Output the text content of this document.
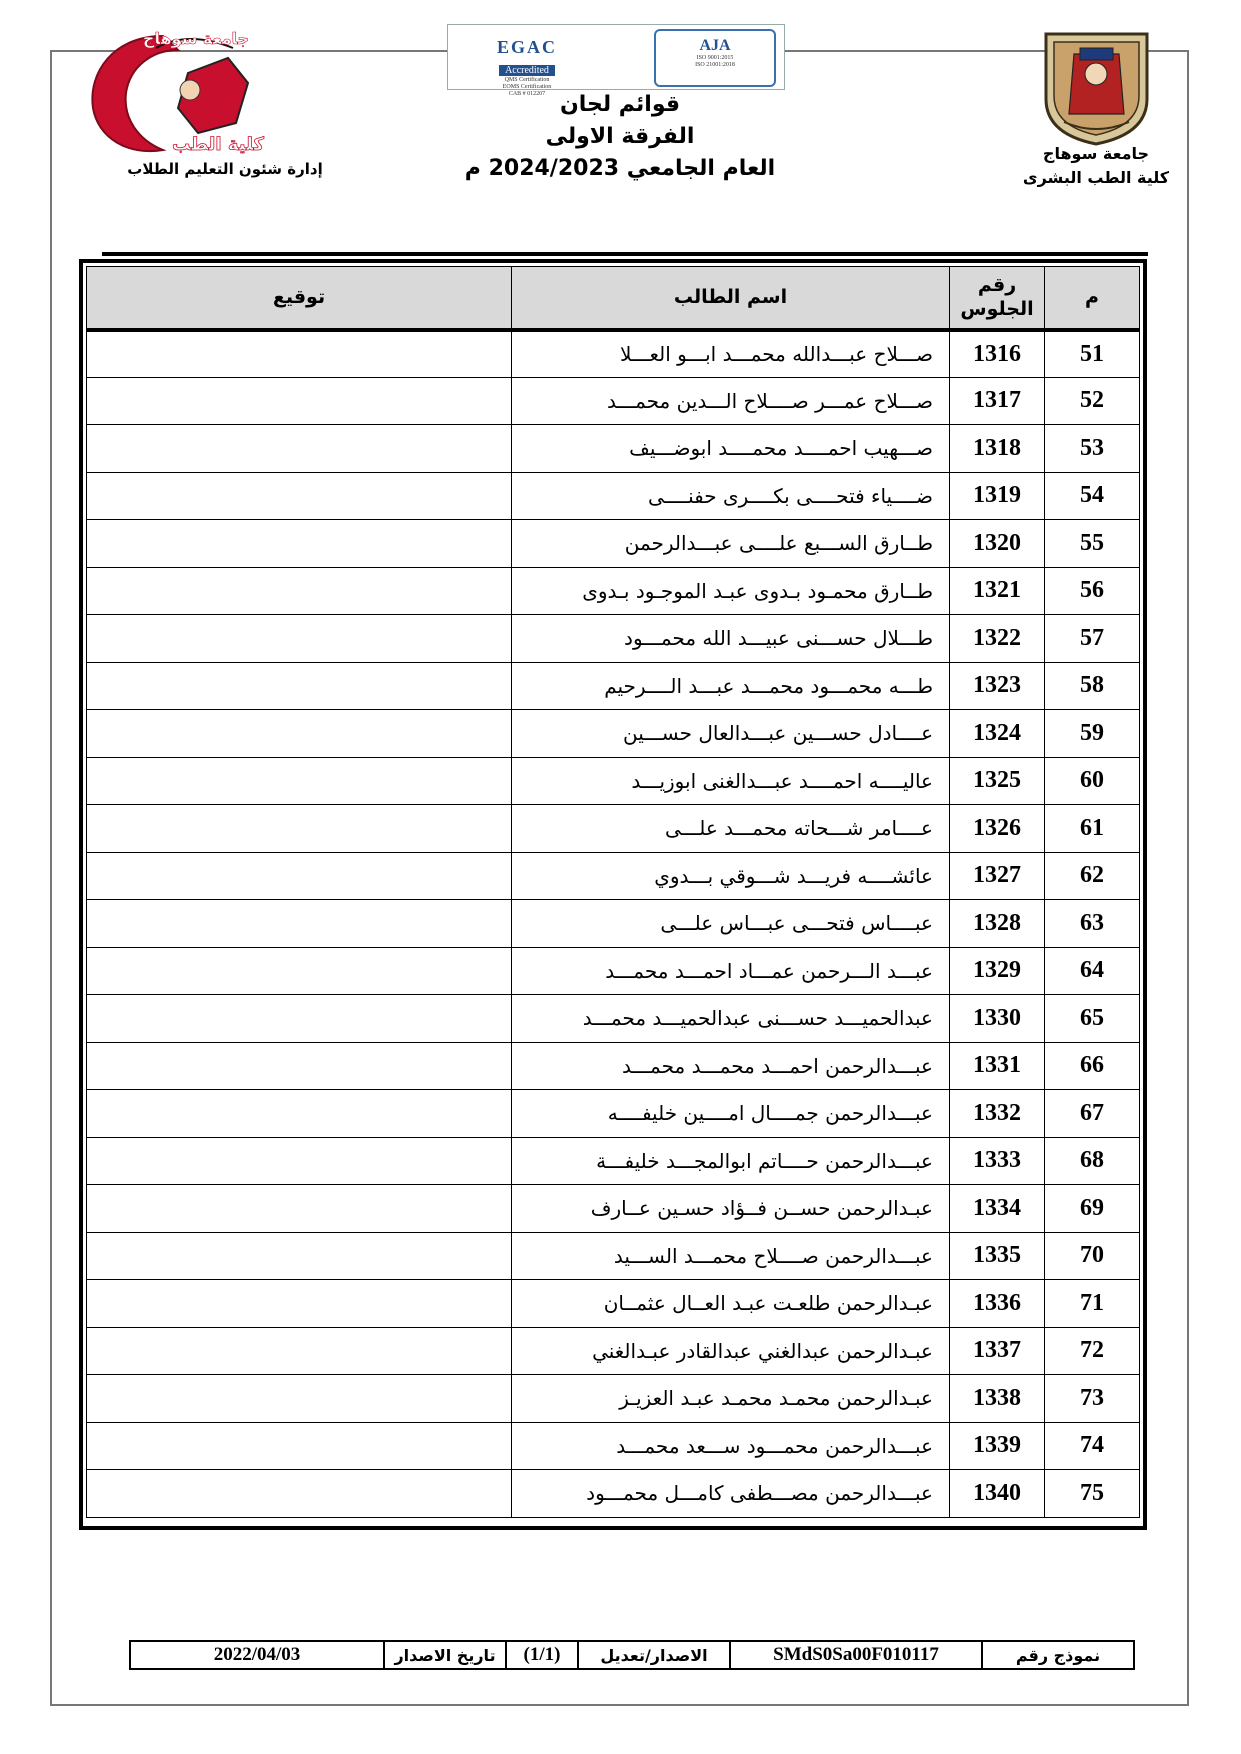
جامعة سوهاج
كلية الطب
EGAC
Accredited
QMS Certification
EOMS Certification
CAB # 012207
AJA
ISO 9001:2015
ISO 21001:2018
قوائم لجان
الفرقة الاولى
العام الجامعي 2024/2023 م
إدارة شئون التعليم الطلاب
جامعة سوهاج
كلية الطب البشرى
م	رقم الجلوس	اسم الطالب	توقيع
51	1316	صـــلاح عبـــدالله محمـــد ابـــو العـــلا	
52	1317	صـــلاح عمـــر صــــلاح الـــدين محمـــد	
53	1318	صـــهيب احمــــد محمــــد ابوضـــيف	
54	1319	ضــــياء فتحــــى بكــــرى حفنــــى	
55	1320	طــارق الســـبع علــــى عبـــدالرحمن	
56	1321	طــارق محمـود بـدوى عبـد الموجـود بـدوى	
57	1322	طـــلال حســـنى عبيـــد الله محمـــود	
58	1323	طـــه محمـــود محمـــد عبـــد الــــرحيم	
59	1324	عــــادل حســـين عبـــدالعال حســـين	
60	1325	عاليــــه احمــــد عبـــدالغنى ابوزيـــد	
61	1326	عــــامر شـــحاته محمـــد علـــى	
62	1327	عائشــــه فريـــد شـــوقي بـــدوي	
63	1328	عبــــاس فتحـــى عبـــاس علـــى	
64	1329	عبـــد الـــرحمن عمـــاد احمـــد محمـــد	
65	1330	عبدالحميـــد حســـنى عبدالحميـــد محمـــد	
66	1331	عبـــدالرحمن احمـــد محمـــد محمـــد	
67	1332	عبـــدالرحمن جمــــال امــــين خليفــــه	
68	1333	عبـــدالرحمن حــــاتم ابوالمجـــد خليفـــة	
69	1334	عبـدالرحمن حســن فــؤاد حسـين عــارف	
70	1335	عبـــدالرحمن صــــلاح محمـــد الســـيد	
71	1336	عبـدالرحمن طلعـت عبـد العــال عثمــان	
72	1337	عبـدالرحمن عبدالغني عبدالقادر عبـدالغني	
73	1338	عبـدالرحمن محمـد محمـد عبـد العزيـز	
74	1339	عبـــدالرحمن محمـــود ســـعد محمـــد	
75	1340	عبـــدالرحمن مصـــطفى كامـــل محمـــود	
نموذج رقم
SMdS0Sa00F010117
الاصدار/تعديل
(1/1)
تاريخ الاصدار
2022/04/03
